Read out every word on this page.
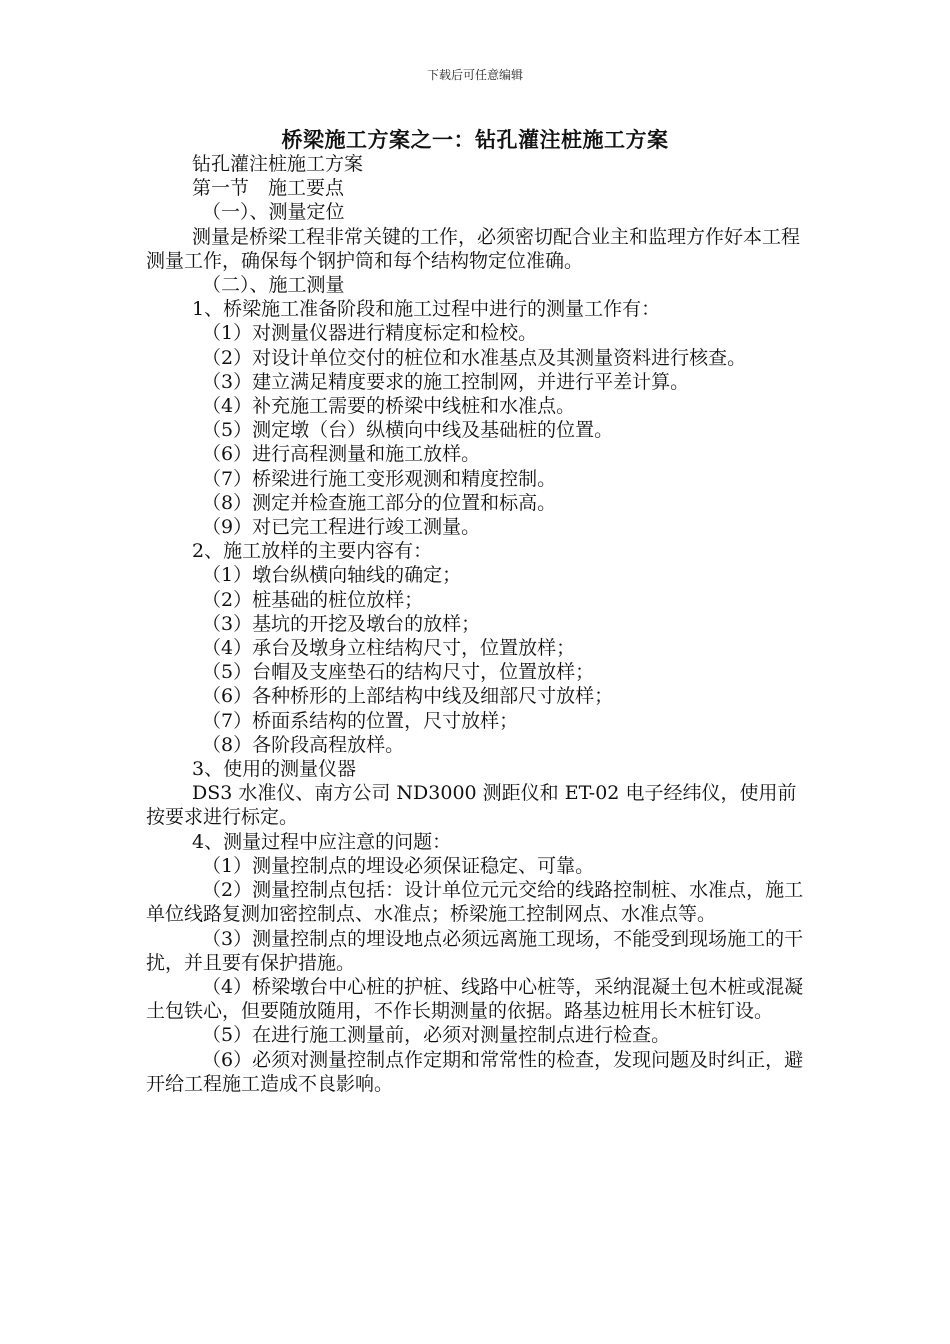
下载后可任意编辑
桥梁施工方案之一：钻孔灌注桩施工方案

钻孔灌注桩施工方案

第一节　施工要点

（一）、测量定位

测量是桥梁工程非常关键的工作，必须密切配合业主和监理方作好本工程测量工作，确保每个钢护筒和每个结构物定位准确。

（二）、施工测量

1、桥梁施工准备阶段和施工过程中进行的测量工作有：

（1）对测量仪器进行精度标定和检校。

（2）对设计单位交付的桩位和水准基点及其测量资料进行核查。

（3）建立满足精度要求的施工控制网，并进行平差计算。

（4）补充施工需要的桥梁中线桩和水准点。

（5）测定墩（台）纵横向中线及基础桩的位置。

（6）进行高程测量和施工放样。

（7）桥梁进行施工变形观测和精度控制。

（8）测定并检查施工部分的位置和标高。

（9）对已完工程进行竣工测量。

2、施工放样的主要内容有：

（1）墩台纵横向轴线的确定；

（2）桩基础的桩位放样；

（3）基坑的开挖及墩台的放样；

（4）承台及墩身立柱结构尺寸，位置放样；

（5）台帽及支座垫石的结构尺寸，位置放样；

（6）各种桥形的上部结构中线及细部尺寸放样；

（7）桥面系结构的位置，尺寸放样；

（8）各阶段高程放样。

3、使用的测量仪器

DS3 水准仪、南方公司 ND3000 测距仪和 ET-02 电子经纬仪，使用前按要求进行标定。

4、测量过程中应注意的问题：

（1）测量控制点的埋设必须保证稳定、可靠。

（2）测量控制点包括：设计单位元元交给的线路控制桩、水准点，施工单位线路复测加密控制点、水准点；桥梁施工控制网点、水准点等。

（3）测量控制点的埋设地点必须远离施工现场，不能受到现场施工的干扰，并且要有保护措施。

（4）桥梁墩台中心桩的护桩、线路中心桩等，采纳混凝土包木桩或混凝土包铁心，但要随放随用，不作长期测量的依据。路基边桩用长木桩钉设。

（5）在进行施工测量前，必须对测量控制点进行检查。

（6）必须对测量控制点作定期和常常性的检查，发现问题及时纠正，避开给工程施工造成不良影响。
